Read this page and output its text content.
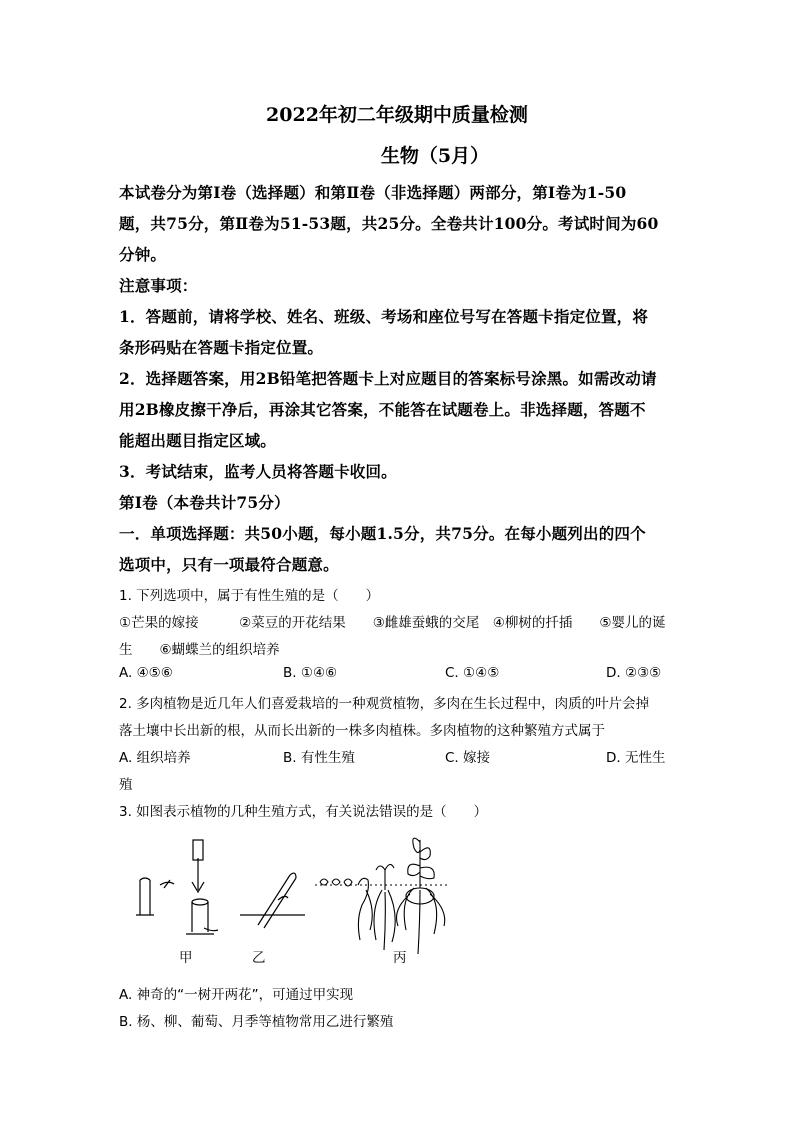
2022年初二年级期中质量检测
生物（5月）
本试卷分为第Ⅰ卷（选择题）和第Ⅱ卷（非选择题）两部分，第Ⅰ卷为1-50
题，共75分，第Ⅱ卷为51-53题，共25分。全卷共计100分。考试时间为60
分钟。
注意事项：
1．答题前，请将学校、姓名、班级、考场和座位号写在答题卡指定位置，将
条形码贴在答题卡指定位置。
2．选择题答案，用2B铅笔把答题卡上对应题目的答案标号涂黑。如需改动请
用2B橡皮擦干净后，再涂其它答案，不能答在试题卷上。非选择题，答题不
能超出题目指定区域。
3．考试结束，监考人员将答题卡收回。
第Ⅰ卷（本卷共计75分）
一．单项选择题：共50小题，每小题1.5分，共75分。在每小题列出的四个
选项中，只有一项最符合题意。
1. 下列选项中，属于有性生殖的是（　　）
①芒果的嫁接　　　②菜豆的开花结果　　③雌雄蚕蛾的交尾　④柳树的扦插　　⑤婴儿的诞
生　　⑥蝴蝶兰的组织培养
A. ④⑤⑥	B. ①④⑥	C. ①④⑤	D. ②③⑤
2. 多肉植物是近几年人们喜爱栽培的一种观赏植物，多肉在生长过程中，肉质的叶片会掉
落土壤中长出新的根，从而长出新的一株多肉植株。多肉植物的这种繁殖方式属于
A. 组织培养	B. 有性生殖	C. 嫁接	D. 无性生
殖
3. 如图表示植物的几种生殖方式，有关说法错误的是（　　）
甲	乙	丙
A. 神奇的“一树开两花”，可通过甲实现
B. 杨、柳、葡萄、月季等植物常用乙进行繁殖
